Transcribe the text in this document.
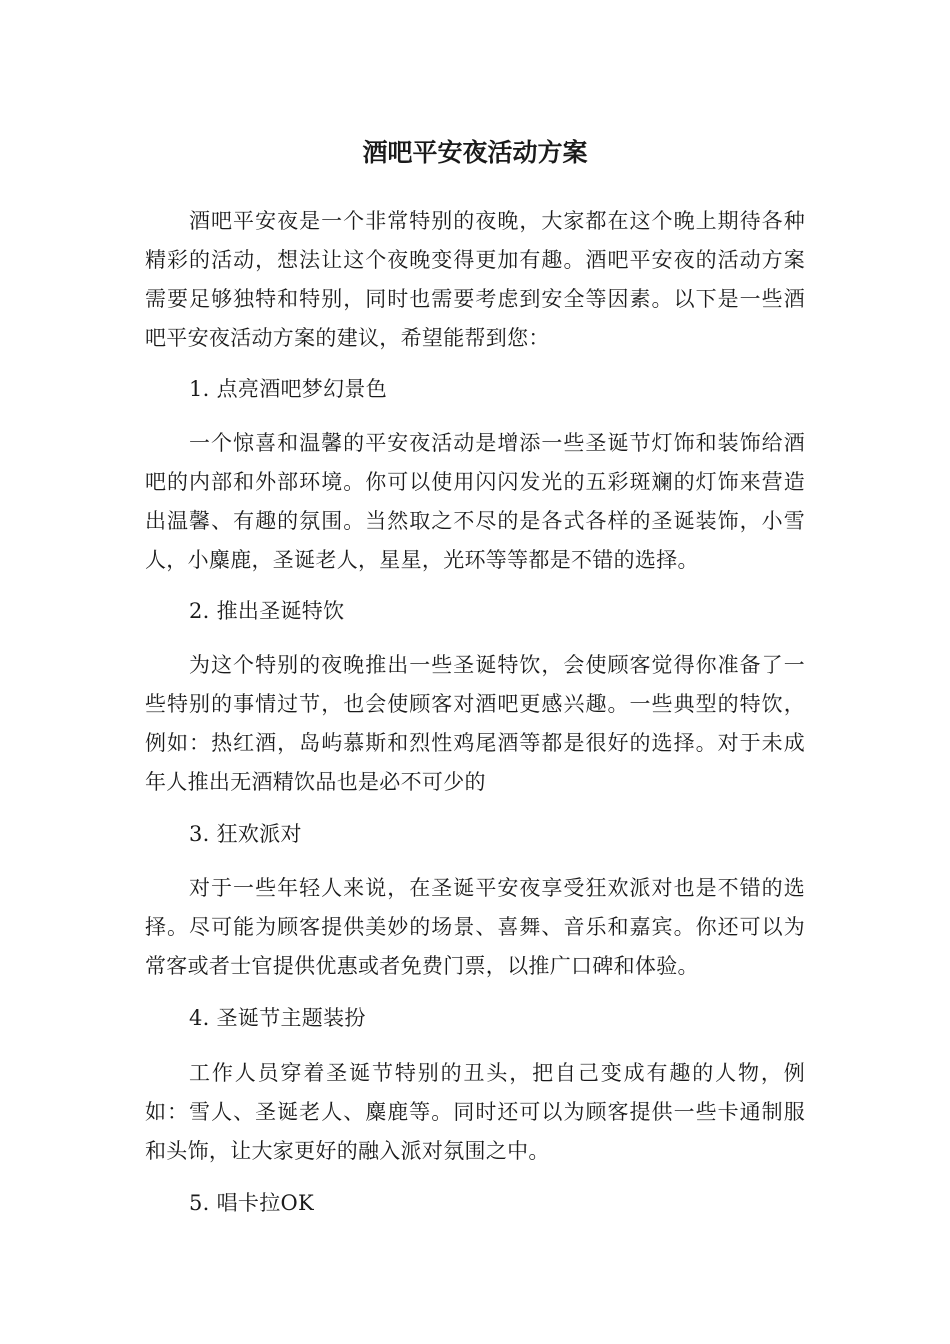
酒吧平安夜活动方案

酒吧平安夜是一个非常特别的夜晚，大家都在这个晚上期待各种精彩的活动，想法让这个夜晚变得更加有趣。酒吧平安夜的活动方案需要足够独特和特别，同时也需要考虑到安全等因素。以下是一些酒吧平安夜活动方案的建议，希望能帮到您：

1. 点亮酒吧梦幻景色

一个惊喜和温馨的平安夜活动是增添一些圣诞节灯饰和装饰给酒吧的内部和外部环境。你可以使用闪闪发光的五彩斑斓的灯饰来营造出温馨、有趣的氛围。当然取之不尽的是各式各样的圣诞装饰，小雪人，小麋鹿，圣诞老人，星星，光环等等都是不错的选择。

2. 推出圣诞特饮

为这个特别的夜晚推出一些圣诞特饮，会使顾客觉得你准备了一些特别的事情过节，也会使顾客对酒吧更感兴趣。一些典型的特饮，例如：热红酒，岛屿慕斯和烈性鸡尾酒等都是很好的选择。对于未成年人推出无酒精饮品也是必不可少的

3. 狂欢派对

对于一些年轻人来说，在圣诞平安夜享受狂欢派对也是不错的选择。尽可能为顾客提供美妙的场景、喜舞、音乐和嘉宾。你还可以为常客或者士官提供优惠或者免费门票，以推广口碑和体验。

4. 圣诞节主题装扮

工作人员穿着圣诞节特别的丑头，把自己变成有趣的人物，例如：雪人、圣诞老人、麋鹿等。同时还可以为顾客提供一些卡通制服和头饰，让大家更好的融入派对氛围之中。

5. 唱卡拉OK
